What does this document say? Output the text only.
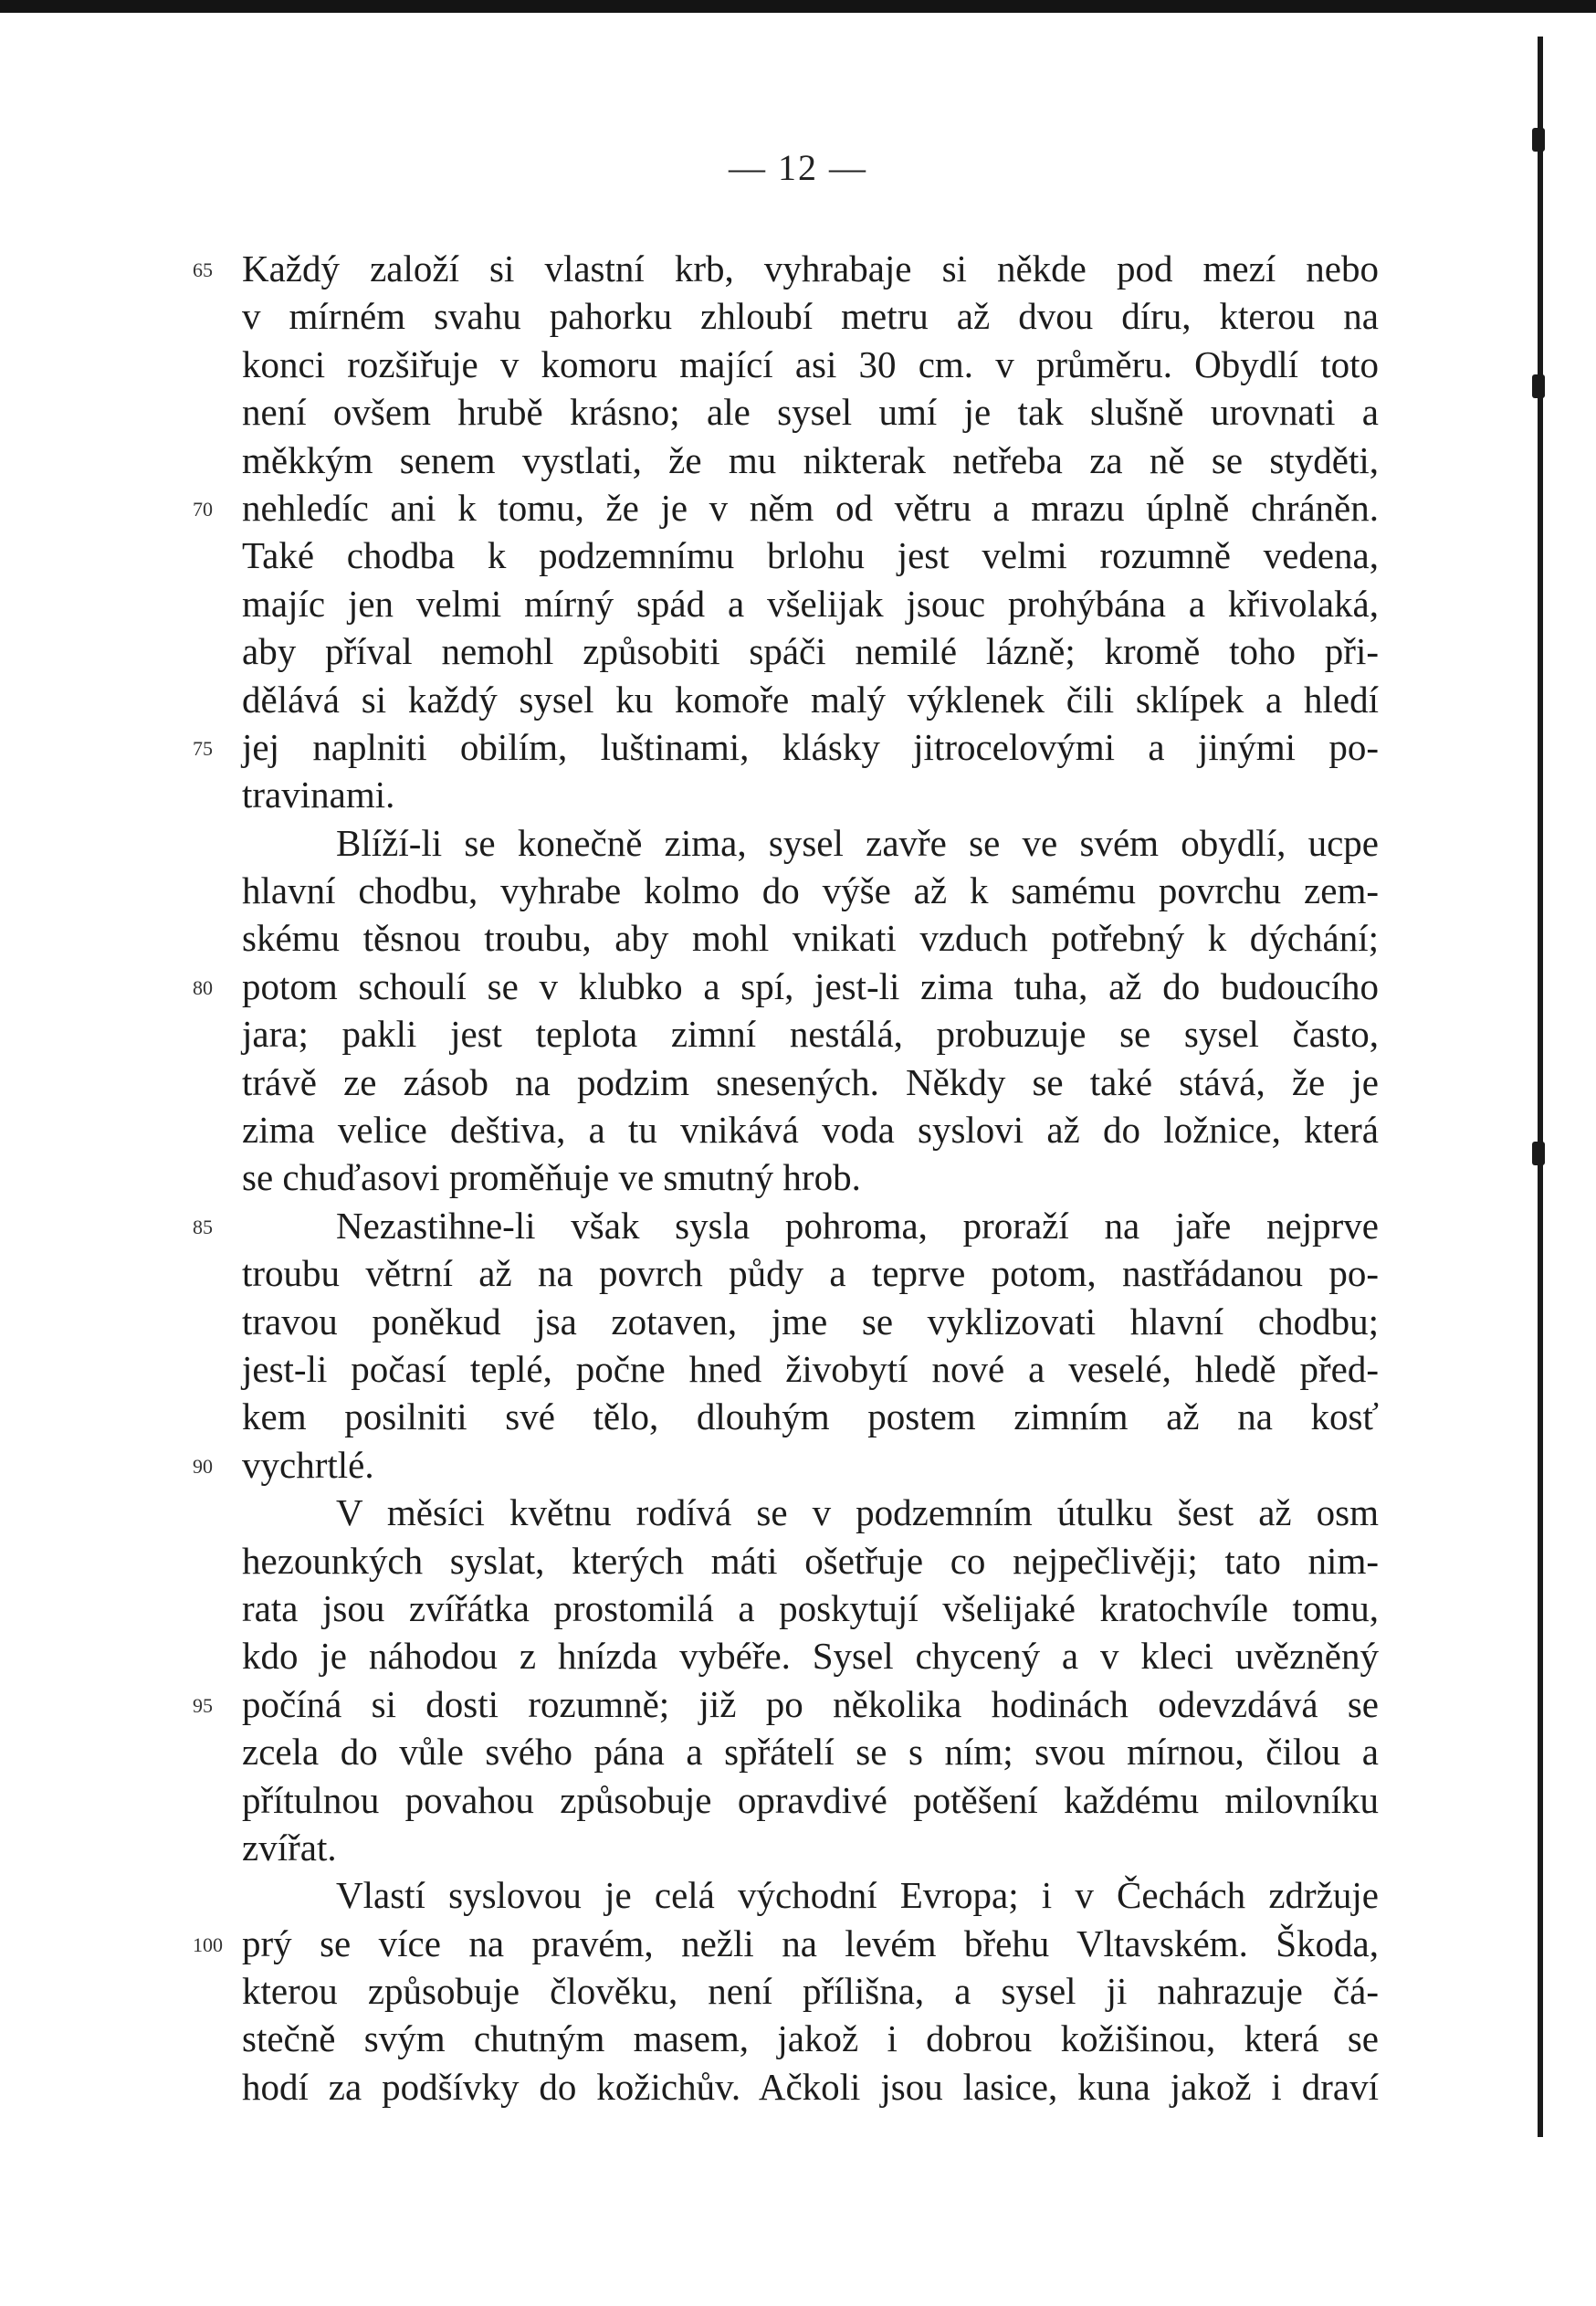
— 12 —
65 Každý založí si vlastní krb, vyhrabaje si někde pod mezí nebo
v mírném svahu pahorku zhloubí metru až dvou díru, kterou na
konci rozšiřuje v komoru mající asi 30 cm. v průměru. Obydlí toto
není ovšem hrubě krásno; ale sysel umí je tak slušně urovnati a
měkkým senem vystlati, že mu nikterak netřeba za ně se styděti,
70 nehledíc ani k tomu, že je v něm od větru a mrazu úplně chráněn.
Také chodba k podzemnímu brlohu jest velmi rozumně vedena,
majíc jen velmi mírný spád a všelijak jsouc prohýbána a křivolaká,
aby příval nemohl způsobiti spáči nemilé lázně; kromě toho při-
dělává si každý sysel ku komoře malý výklenek čili sklípek a hledí
75 jej naplniti obilím, luštinami, klásky jitrocelovými a jinými po-
travinami.
Blíží-li se konečně zima, sysel zavře se ve svém obydlí, ucpe
hlavní chodbu, vyhrabe kolmo do výše až k samému povrchu zem-
skému těsnou troubu, aby mohl vnikati vzduch potřebný k dýchání;
80 potom schoulí se v klubko a spí, jest-li zima tuha, až do budoucího
jara; pakli jest teplota zimní nestálá, probuzuje se sysel často,
trávě ze zásob na podzim snesených. Někdy se také stává, že je
zima velice deštiva, a tu vnikává voda syslovi až do ložnice, která
se chuďasovi proměňuje ve smutný hrob.
85	Nezastihne-li však sysla pohroma, proraží na jaře nejprve
troubu větrní až na povrch půdy a teprve potom, nastřádanou po-
travou poněkud jsa zotaven, jme se vyklizovati hlavní chodbu;
jest-li počasí teplé, počne hned živobytí nové a veselé, hledě před-
kem posilniti své tělo, dlouhým postem zimním až na kosť
90 vychrtlé.
V měsíci květnu rodívá se v podzemním útulku šest až osm
hezounkých syslat, kterých máti ošetřuje co nejpečlivěji; tato nim-
rata jsou zvířátka prostomilá a poskytují všelijaké kratochvíle tomu,
kdo je náhodou z hnízda vybéře. Sysel chycený a v kleci uvězněný
95 počíná si dosti rozumně; již po několika hodinách odevzdává se
zcela do vůle svého pána a spřátelí se s ním; svou mírnou, čilou a
přítulnou povahou způsobuje opravdivé potěšení každému milovníku
zvířat.
Vlastí syslovou je celá východní Evropa; i v Čechách zdržuje
100 prý se více na pravém, nežli na levém břehu Vltavském. Škoda,
kterou způsobuje člověku, není přílišna, a sysel ji nahrazuje čá-
stečně svým chutným masem, jakož i dobrou kožišinou, která se
hodí za podšívky do kožichův. Ačkoli jsou lasice, kuna jakož i draví
